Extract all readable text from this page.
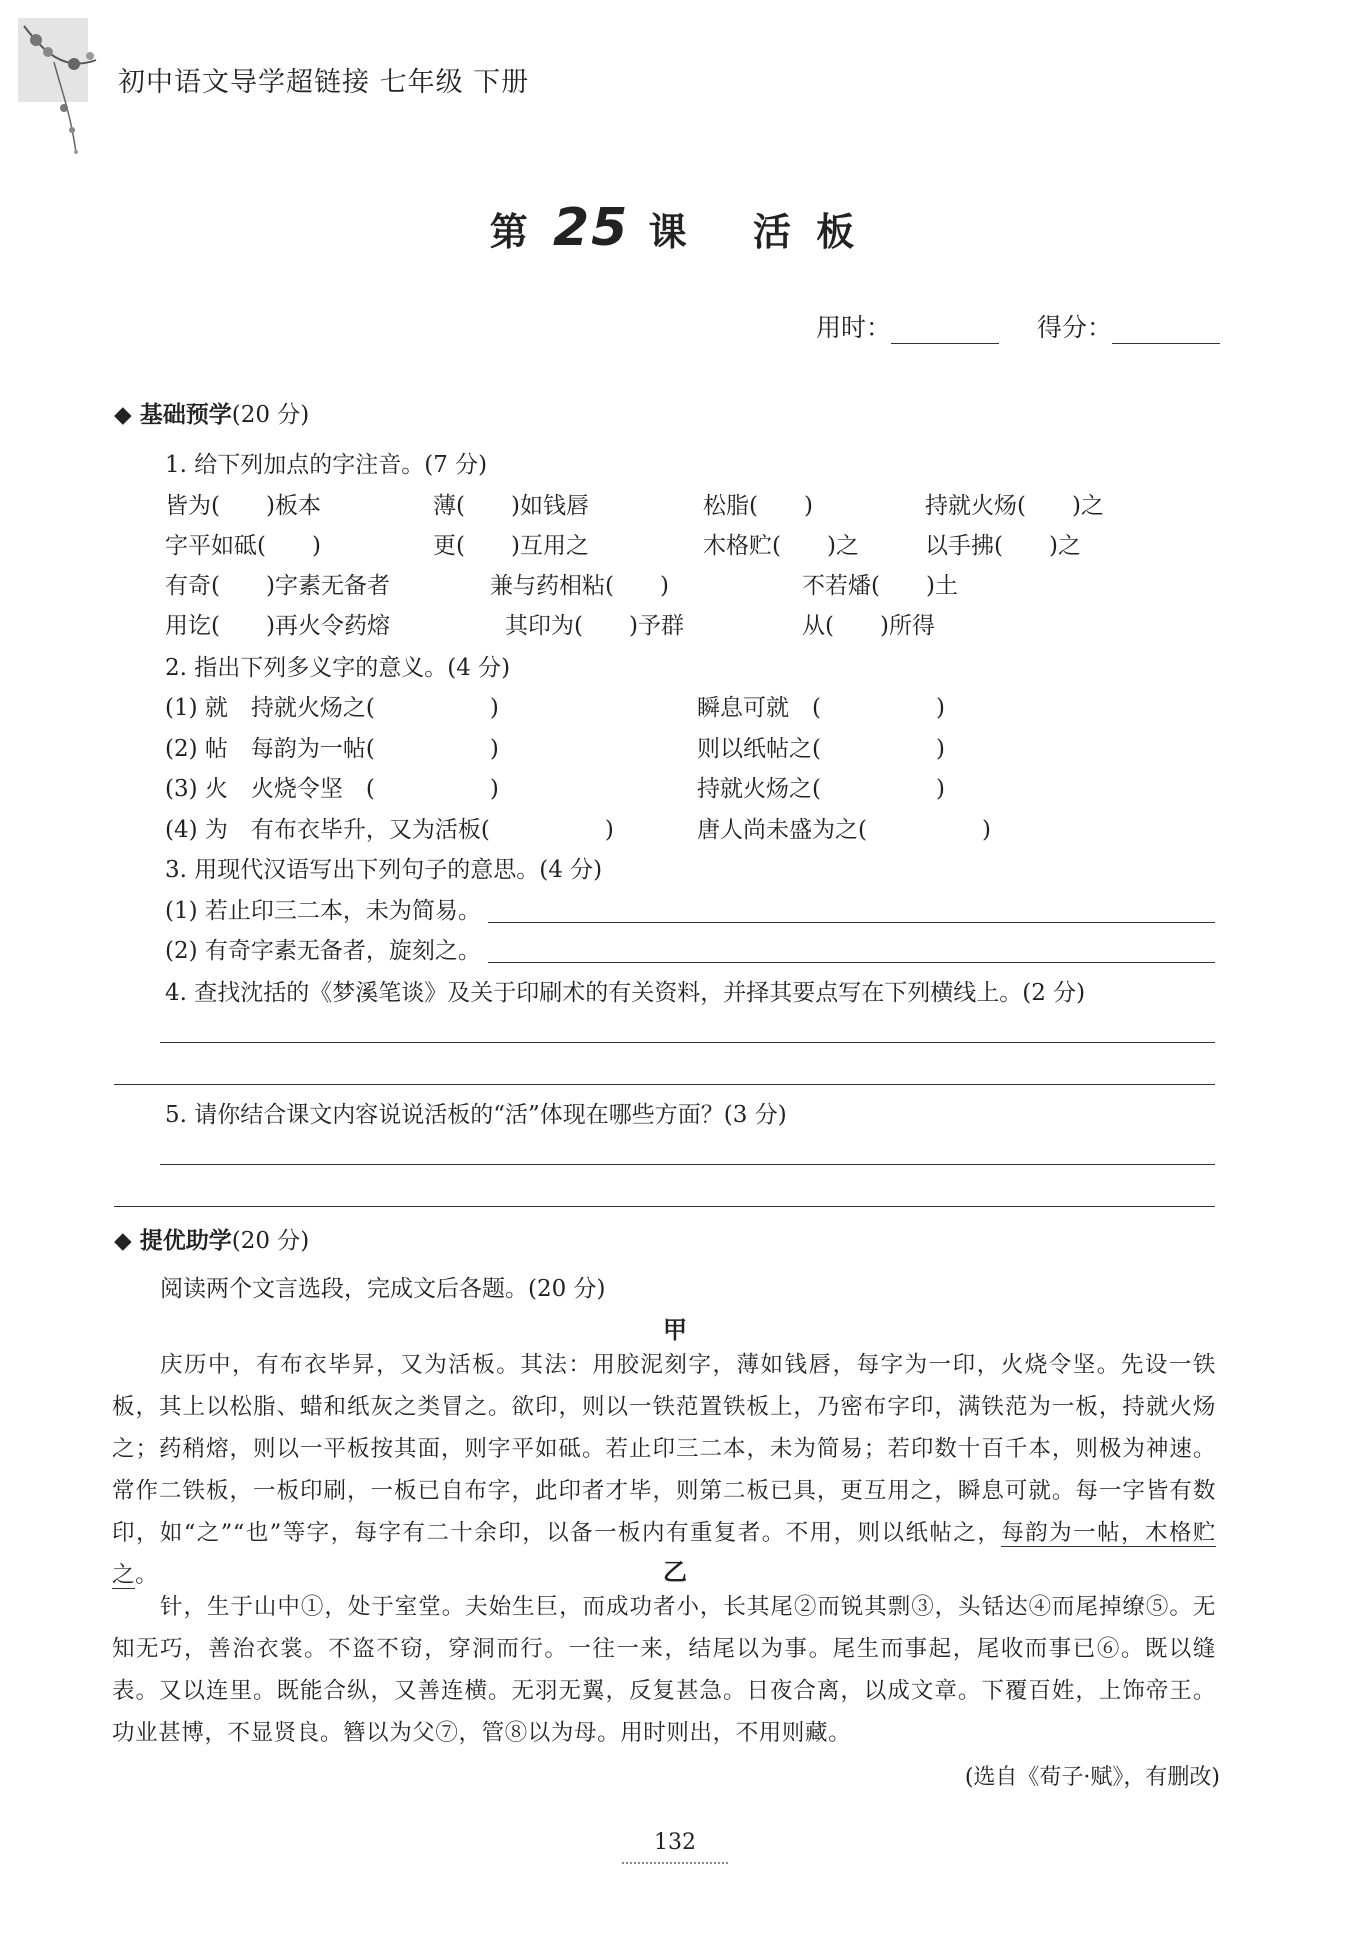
初中语文导学超链接 七年级 下册
第 25 课 活 板
用时：	得分：
◆ 基础预学(20 分)
1. 给下列加点的字注音。(7 分)
皆为(　　)板本	薄(　　)如钱唇	松脂(　　)	持就火炀(　　)之
字平如砥(　　)	更(　　)互用之	木格贮(　　)之	以手拂(　　)之
有奇(　　)字素无备者	兼与药相粘(　　)	不若燔(　　)土
用讫(　　)再火令药熔	其印为(　　)予群	从(　　)所得
2. 指出下列多义字的意义。(4 分)
(1) 就　持就火炀之(　　　　　)	瞬息可就　(　　　　　)
(2) 帖　每韵为一帖(　　　　　)	则以纸帖之(　　　　　)
(3) 火　火烧令坚　(　　　　　)	持就火炀之(　　　　　)
(4) 为　有布衣毕升，又为活板(　　　　　)	唐人尚未盛为之(　　　　　)
3. 用现代汉语写出下列句子的意思。(4 分)
(1) 若止印三二本，未为简易。
(2) 有奇字素无备者，旋刻之。
4. 查找沈括的《梦溪笔谈》及关于印刷术的有关资料，并择其要点写在下列横线上。(2 分)
5. 请你结合课文内容说说活板的“活”体现在哪些方面？(3 分)
◆ 提优助学(20 分)
阅读两个文言选段，完成文后各题。(20 分)
甲
庆历中，有布衣毕昇，又为活板。其法：用胶泥刻字，薄如钱唇，每字为一印，火烧令坚。先设一铁板，其上以松脂、蜡和纸灰之类冒之。欲印，则以一铁范置铁板上，乃密布字印，满铁范为一板，持就火炀之；药稍熔，则以一平板按其面，则字平如砥。若止印三二本，未为简易；若印数十百千本，则极为神速。常作二铁板，一板印刷，一板已自布字，此印者才毕，则第二板已具，更互用之，瞬息可就。每一字皆有数印，如“之”“也”等字，每字有二十余印，以备一板内有重复者。不用，则以纸帖之，每韵为一帖，木格贮之。	乙
针，生于山中①，处于室堂。夫始生巨，而成功者小，长其尾②而锐其剽③，头铦达④而尾掉缭⑤。无知无巧，善治衣裳。不盗不窃，穿洞而行。一往一来，结尾以为事。尾生而事起，尾收而事已⑥。既以缝表。又以连里。既能合纵，又善连横。无羽无翼，反复甚急。日夜合离，以成文章。下覆百姓，上饰帝王。功业甚博，不显贤良。簪以为父⑦，管⑧以为母。用时则出，不用则藏。
(选自《荀子·赋》，有删改)
132
